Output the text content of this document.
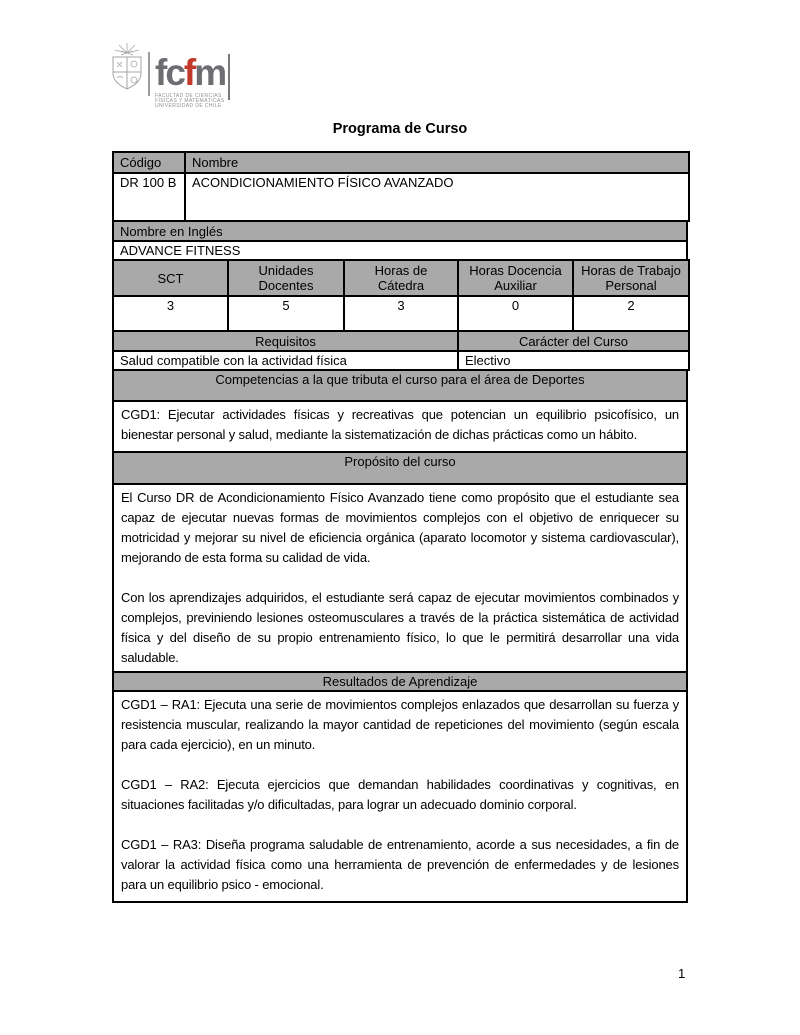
fcfm
FACULTAD DE CIENCIAS
FÍSICAS Y MATEMÁTICAS
UNIVERSIDAD DE CHILE
Programa de Curso
Código	Nombre
DR 100 B	ACONDICIONAMIENTO FÍSICO AVANZADO
Nombre en Inglés
ADVANCE FITNESS
SCT	Unidades Docentes	Horas de Cátedra	Horas Docencia Auxiliar	Horas de Trabajo Personal
3	5	3	0	2
Requisitos	Carácter del Curso
Salud compatible con la actividad física	Electivo
Competencias a la que tributa el curso para el área de Deportes
CGD1: Ejecutar actividades físicas y recreativas que potencian un equilibrio psicofísico, un bienestar personal y salud, mediante la sistematización de dichas prácticas como un hábito.
Propósito del curso

El Curso DR de Acondicionamiento Físico Avanzado tiene como propósito que el estudiante sea capaz de ejecutar nuevas formas de movimientos complejos con el objetivo de enriquecer su motricidad y mejorar su nivel de eficiencia orgánica (aparato locomotor y sistema cardiovascular), mejorando de esta forma su calidad de vida.

Con los aprendizajes adquiridos, el estudiante será capaz de ejecutar movimientos combinados y complejos, previniendo lesiones osteomusculares a través de la práctica sistemática de actividad física y del diseño de su propio entrenamiento físico, lo que le permitirá desarrollar una vida saludable.

Resultados de Aprendizaje

CGD1 – RA1: Ejecuta una serie de movimientos complejos enlazados que desarrollan su fuerza y resistencia muscular, realizando la mayor cantidad de repeticiones del movimiento (según escala para cada ejercicio), en un minuto.

CGD1 – RA2: Ejecuta ejercicios que demandan habilidades coordinativas y cognitivas, en situaciones facilitadas y/o dificultadas, para lograr un adecuado dominio corporal.

CGD1 – RA3: Diseña programa saludable de entrenamiento, acorde a sus necesidades, a fin de valorar la actividad física como una herramienta de prevención de enfermedades y de lesiones para un equilibrio psico - emocional.

1
